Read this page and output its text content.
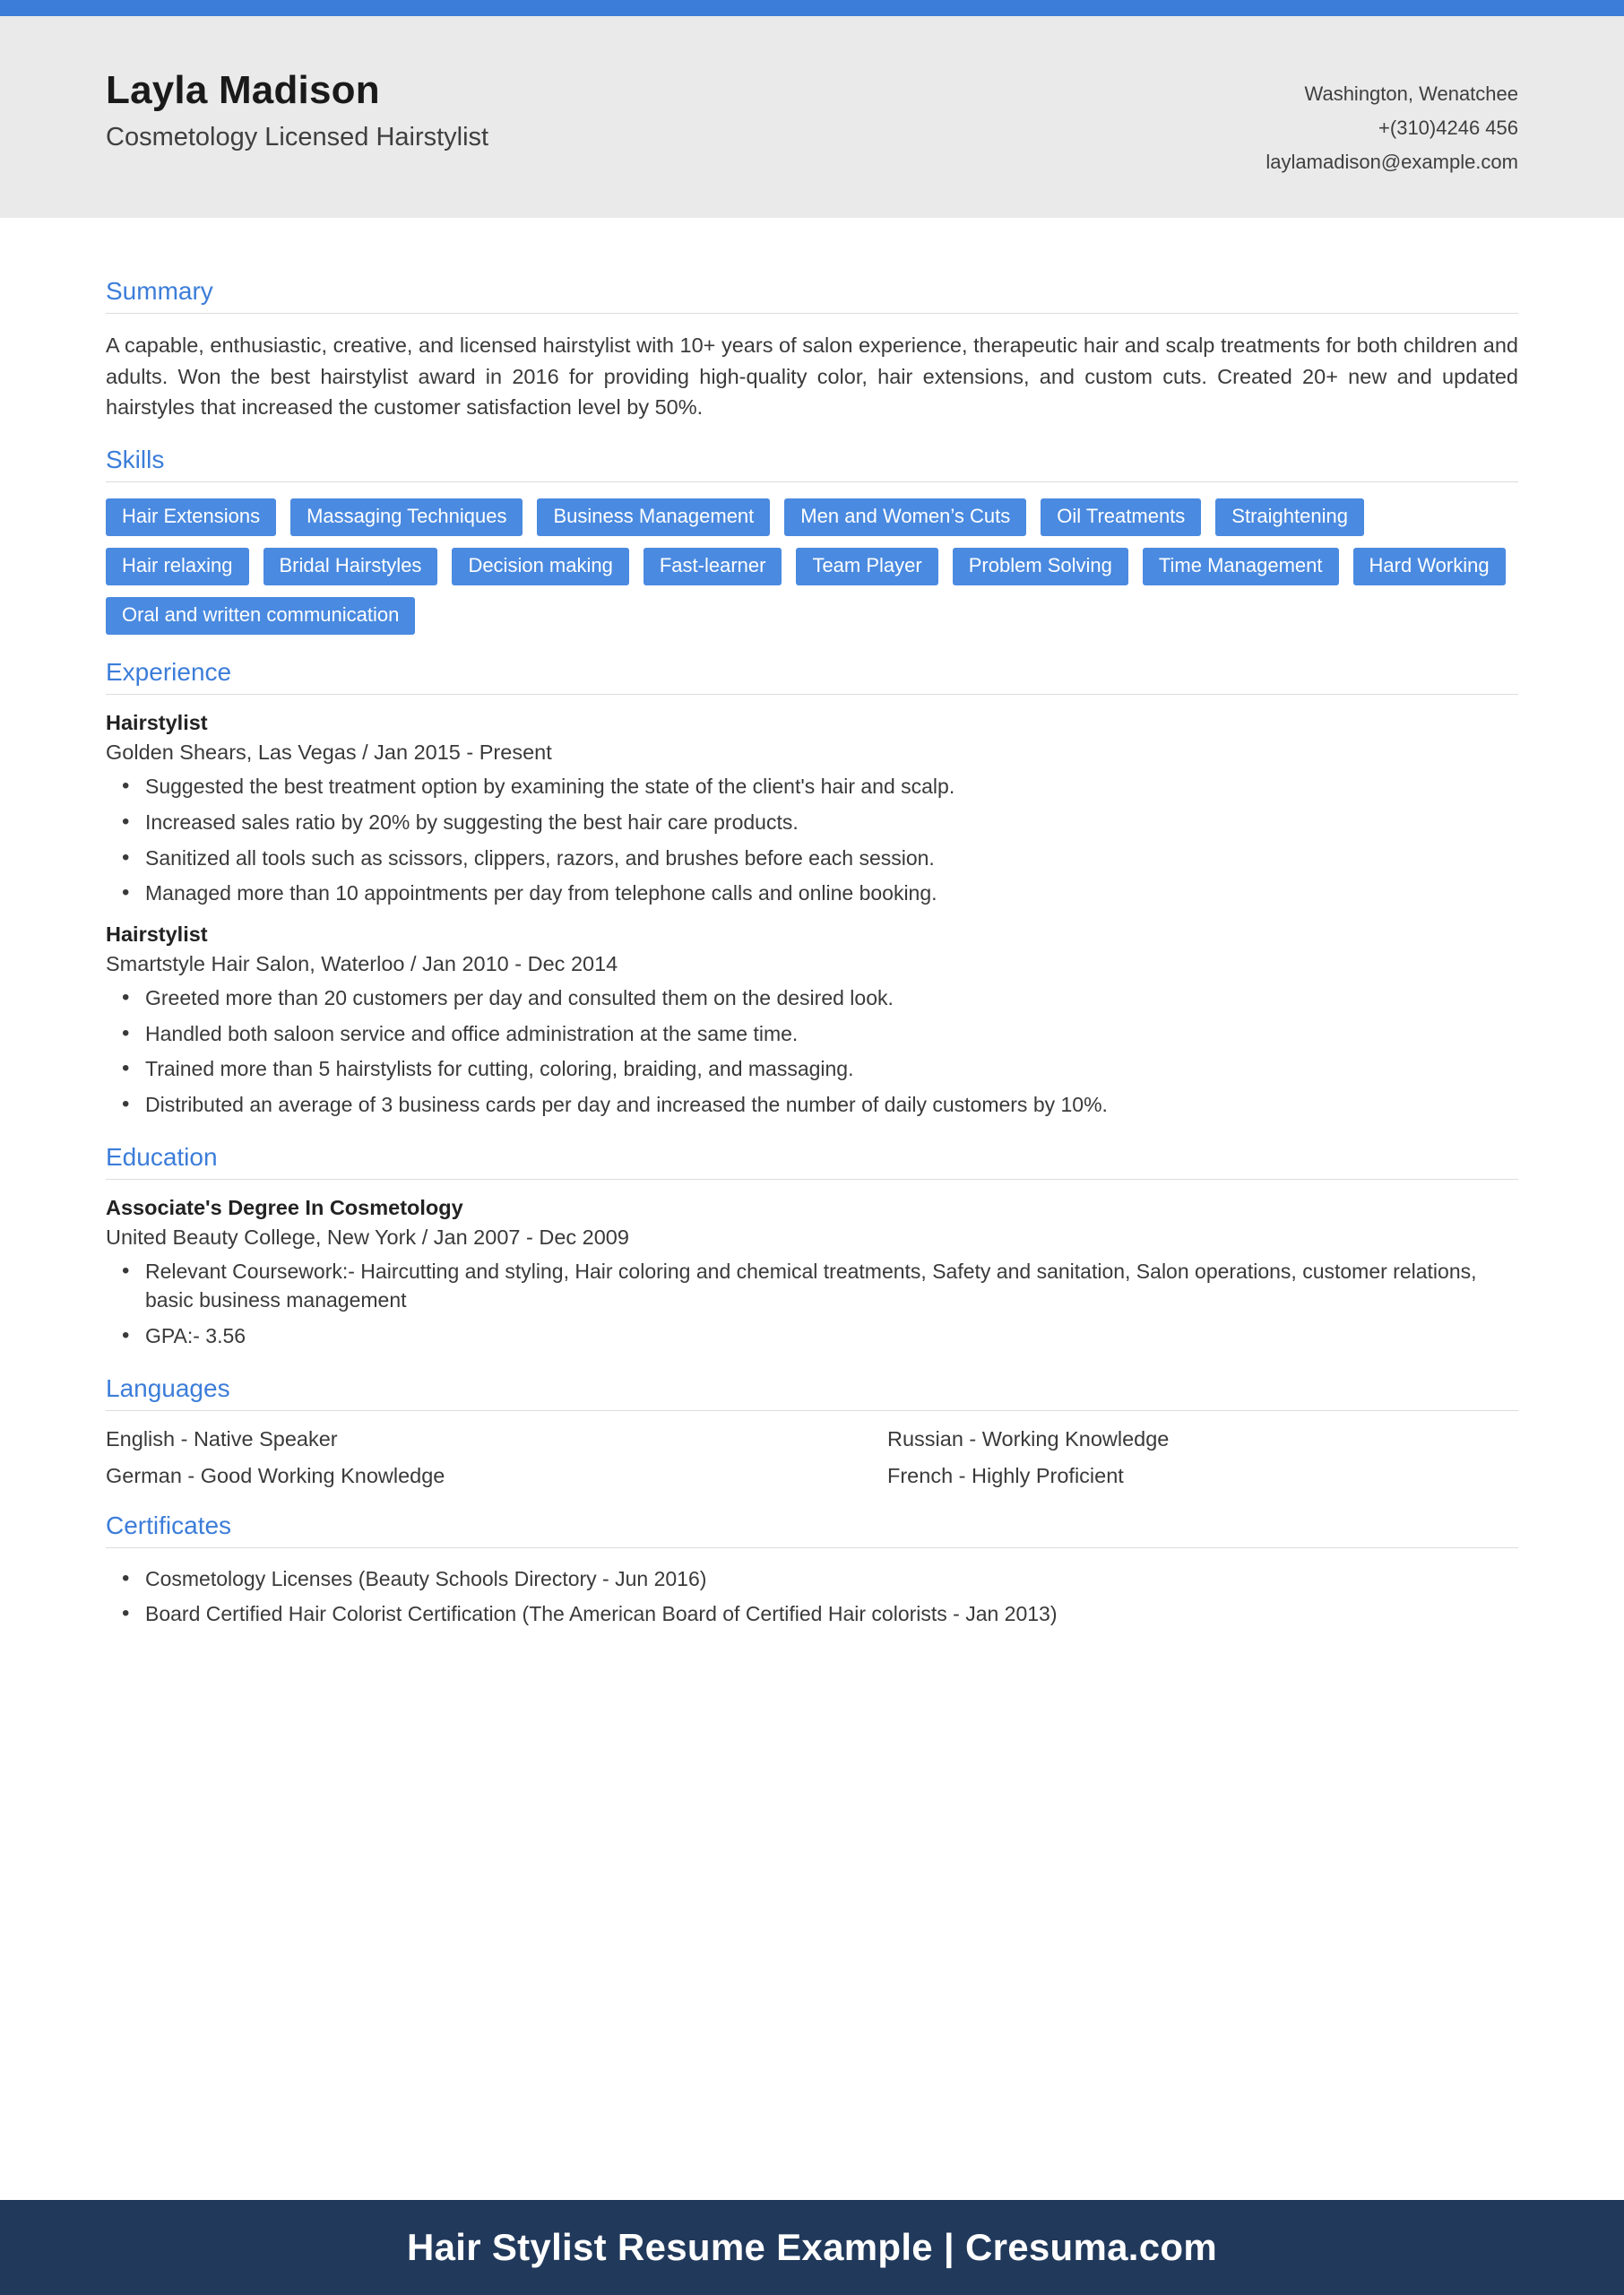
Layla Madison

Cosmetology Licensed Hairstylist

Washington, Wenatchee
+(310)4246 456
laylamadison@example.com
Summary

A capable, enthusiastic, creative, and licensed hairstylist with 10+ years of salon experience, therapeutic hair and scalp treatments for both children and adults. Won the best hairstylist award in 2016 for providing high-quality color, hair extensions, and custom cuts. Created 20+ new and updated hairstyles that increased the customer satisfaction level by 50%.

Skills
Hair Extensions	Massaging Techniques	Business Management	Men and Women’s Cuts	Oil Treatments	Straightening
Hair relaxing	Bridal Hairstyles	Decision making	Fast-learner	Team Player	Problem Solving	Time Management	Hard Working
Oral and written communication
Experience

Hairstylist

Golden Shears, Las Vegas / Jan 2015 - Present

• Suggested the best treatment option by examining the state of the client's hair and scalp.
• Increased sales ratio by 20% by suggesting the best hair care products.
• Sanitized all tools such as scissors, clippers, razors, and brushes before each session.
• Managed more than 10 appointments per day from telephone calls and online booking.

Hairstylist

Smartstyle Hair Salon, Waterloo / Jan 2010 - Dec 2014

• Greeted more than 20 customers per day and consulted them on the desired look.
• Handled both saloon service and office administration at the same time.
• Trained more than 5 hairstylists for cutting, coloring, braiding, and massaging.
• Distributed an average of 3 business cards per day and increased the number of daily customers by 10%.
Education

Associate's Degree In Cosmetology

United Beauty College, New York / Jan 2007 - Dec 2009

• Relevant Coursework:- Haircutting and styling, Hair coloring and chemical treatments, Safety and sanitation, Salon operations, customer relations, basic business management
• GPA:- 3.56
Languages
English - Native Speaker	Russian - Working Knowledge
German - Good Working Knowledge	French - Highly Proficient
Certificates
• Cosmetology Licenses (Beauty Schools Directory - Jun 2016)
• Board Certified Hair Colorist Certification (The American Board of Certified Hair colorists - Jan 2013)
Hair Stylist Resume Example | Cresuma.com
